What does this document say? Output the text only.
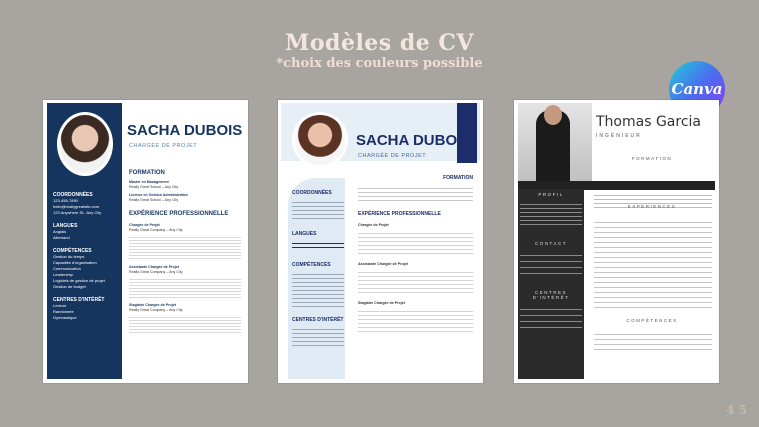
Modèles de CV
*choix des couleurs possible
Canva
SACHA DUBOIS
CHARGÉE DE PROJET
COORDONNÉES
123-456-7890
hello@reallygreatsite.com
123 Anywhere St., Any City
LANGUES
Anglais
Allemand
COMPÉTENCES
Gestion du temps
Capacités d'organisation
Communication
Leadership
Logiciels de gestion de projet
Gestion de budget
CENTRES D'INTÉRÊT
Lecture
Randonnée
Gymnastique
FORMATION
Master en Management
Really Great School – Any City
Licence en Gestion Administrative
Really Great School – Any City
EXPÉRIENCE PROFESSIONNELLE
Chargée de Projet
Really Great Company – Any City
Assistante Chargée de Projet
Really Great Company – Any City
Stagiaire Chargée de Projet
Really Great Company – Any City
SACHA DUBOIS
CHARGÉE DE PROJET
COORDONNÉES
LANGUES
COMPÉTENCES
CENTRES D'INTÉRÊT
FORMATION
EXPÉRIENCE PROFESSIONNELLE
Chargée de Projet
Assistante Chargée de Projet
Stagiaire Chargée de Projet
Thomas Garcia
INGÉNIEUR
PROFIL
CONTACT
CENTRES D'INTÉRÊT
FORMATION
EXPÉRIENCES
COMPÉTENCES
4 5
